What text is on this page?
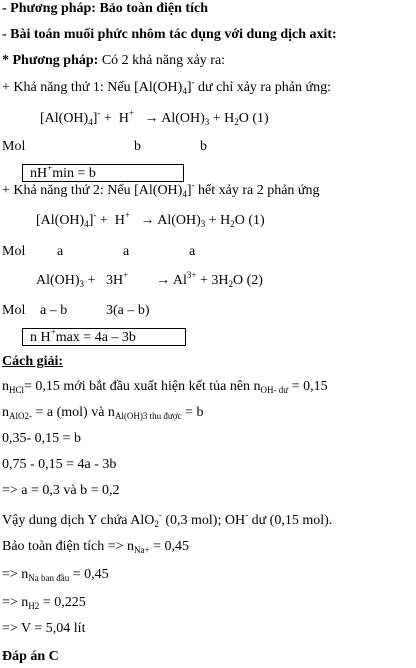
- Phương pháp: Bảo toàn điện tích
- Bài toán muối phức nhôm tác dụng với dung dịch axit:
* Phương pháp: Có 2 khả năng xảy ra:
+ Khả năng thứ 1: Nếu $[Al(OH)_4]^-$ dư chỉ xảy ra phản ứng:
$[Al(OH)_4]^- + H^+ \to Al(OH)_3 + H_2O$ (1)
Mol	b	b
nH+min = b
+ Khả năng thứ 2: Nếu $[Al(OH)_4]^-$ hết xảy ra 2 phản ứng
$[Al(OH)_4]^- + H^+ \to Al(OH)_3 + H_2O$ (1)
Mol a	a	a
$Al(OH)_3 + 3H^+$        → $Al^{3+} + 3H_2O$ (2)
Mol a – b	3(a – b)
n H+max = 4a – 3b
Cách giải:
$n_{HCl}= 0,15$ mới bắt đầu xuất hiện kết tủa nên $n_{OH- dư} = 0,15$
$n_{AlO2-} = a$ (mol) và $n_{Al(OH)3 thu được} = b$
0,35- 0,15 = b
0,75 - 0,15 = 4a - 3b
=> a = 0,3 và b = 0,2
Vậy dung dịch Y chứa AlO$_2$- (0,3 mol); OH- dư (0,15 mol).
Bảo toàn điện tích => $n_{Na+} = 0,45$
=> $n_{Na ban đầu} = 0,45$
=> $n_{H2} = 0,225$
=> V = 5,04 lít
Đáp án C
